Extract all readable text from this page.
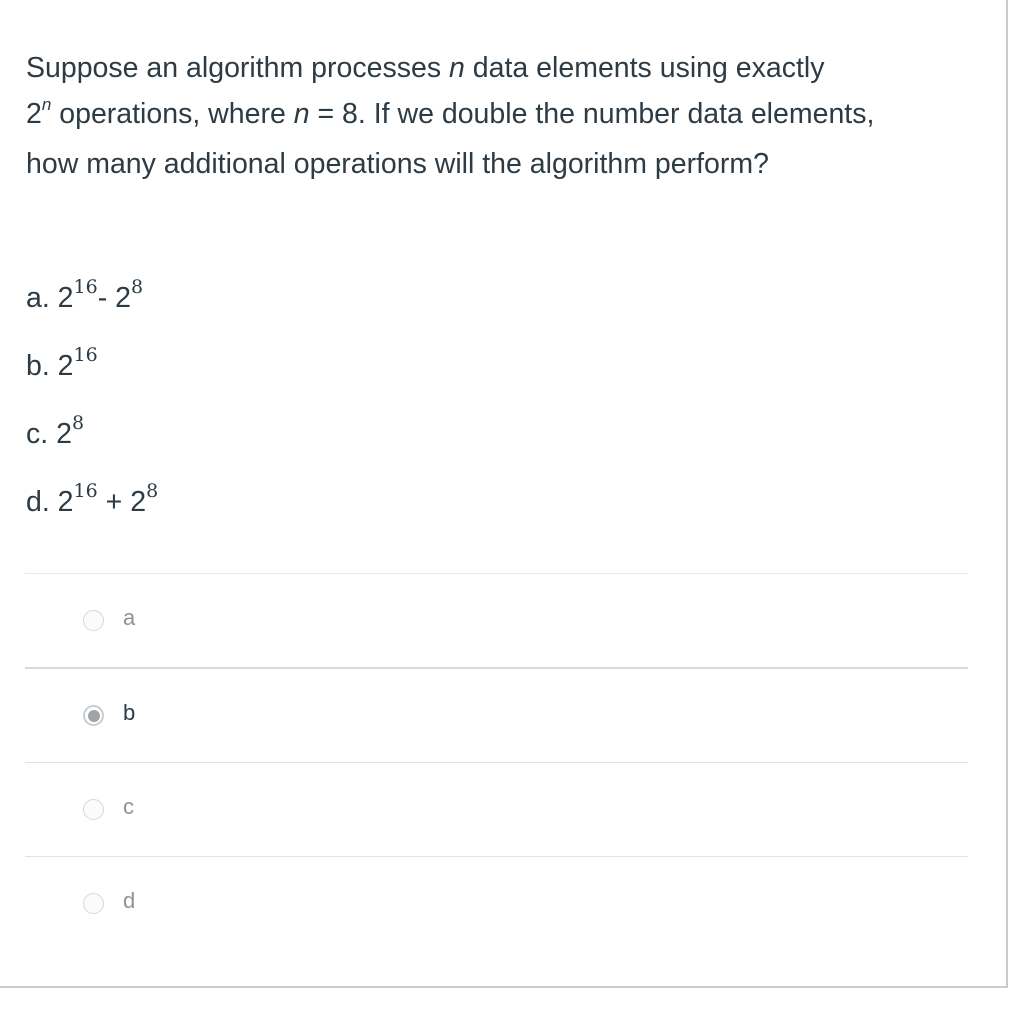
Suppose an algorithm processes n data elements using exactly

2$^n$ operations, where n = 8. If we double the number data elements,

how many additional operations will the algorithm perform?

a. $2^{16}-$ $2^8$
b. $2^{16}$
c. $2^8$
d. $2^{16} + 2^8$
a
b
c
d
